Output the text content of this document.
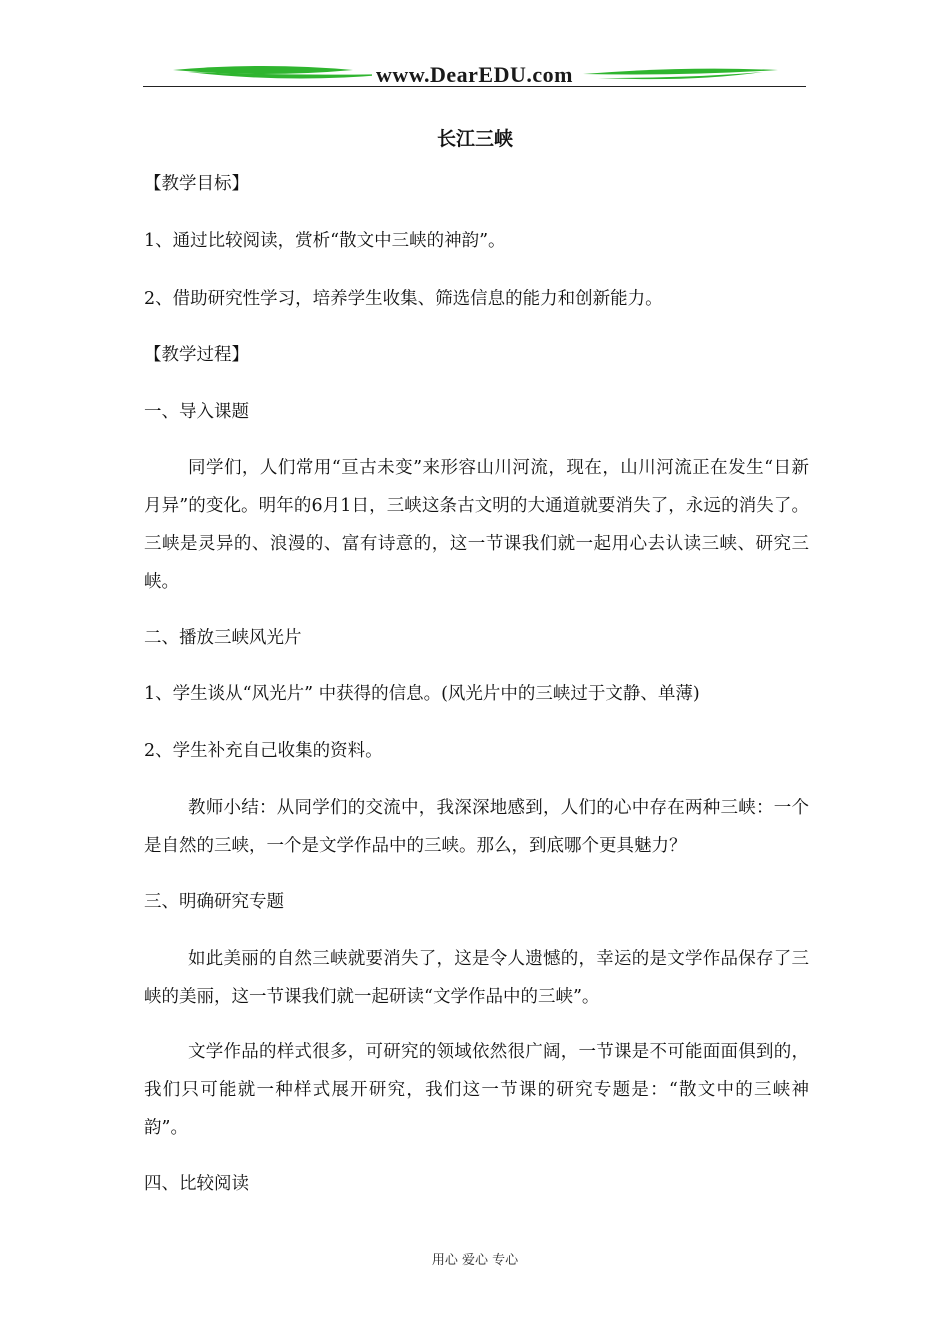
www.DearEDU.com
长江三峡
【教学目标】
1、通过比较阅读，赏析“散文中三峡的神韵”。
2、借助研究性学习，培养学生收集、筛选信息的能力和创新能力。
【教学过程】
一、导入课题
同学们，人们常用“亘古未变”来形容山川河流，现在，山川河流正在发生“日新月异”的变化。明年的6月1日，三峡这条古文明的大通道就要消失了，永远的消失了。三峡是灵异的、浪漫的、富有诗意的，这一节课我们就一起用心去认读三峡、研究三峡。
二、播放三峡风光片
1、学生谈从“风光片” 中获得的信息。(风光片中的三峡过于文静、单薄)
2、学生补充自己收集的资料。
教师小结：从同学们的交流中，我深深地感到，人们的心中存在两种三峡：一个是自然的三峡，一个是文学作品中的三峡。那么，到底哪个更具魅力？
三、明确研究专题
如此美丽的自然三峡就要消失了，这是令人遗憾的，幸运的是文学作品保存了三峡的美丽，这一节课我们就一起研读“文学作品中的三峡”。
文学作品的样式很多，可研究的领域依然很广阔，一节课是不可能面面俱到的，我们只可能就一种样式展开研究，我们这一节课的研究专题是：“散文中的三峡神韵”。
四、比较阅读
用心 爱心 专心
